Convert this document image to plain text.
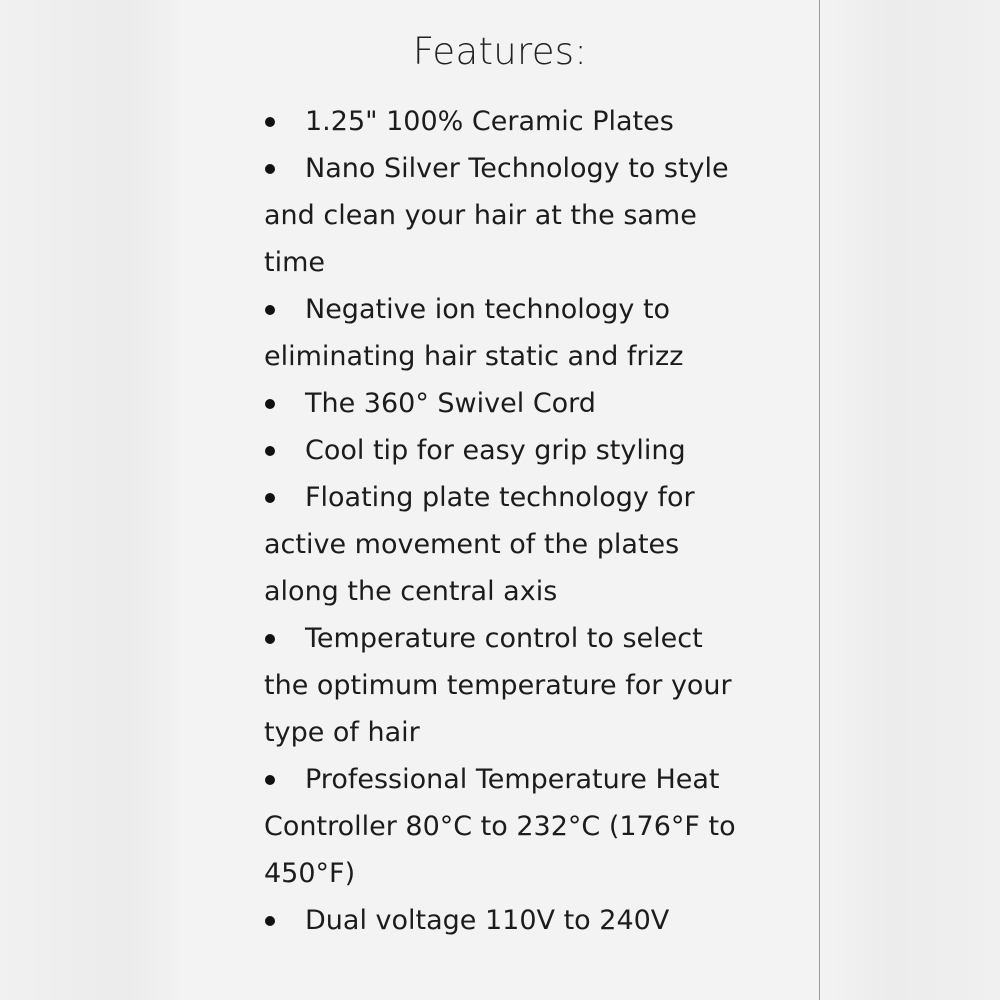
Features:
1.25" 100% Ceramic Plates
Nano Silver Technology to style and clean your hair at the same time
Negative ion technology to eliminating hair static and frizz
The 360° Swivel Cord
Cool tip for easy grip styling
Floating plate technology for active movement of the plates along the central axis
Temperature control to select the optimum temperature for your type of hair
Professional Temperature Heat Controller 80°C to 232°C (176°F to 450°F)
Dual voltage 110V to 240V
